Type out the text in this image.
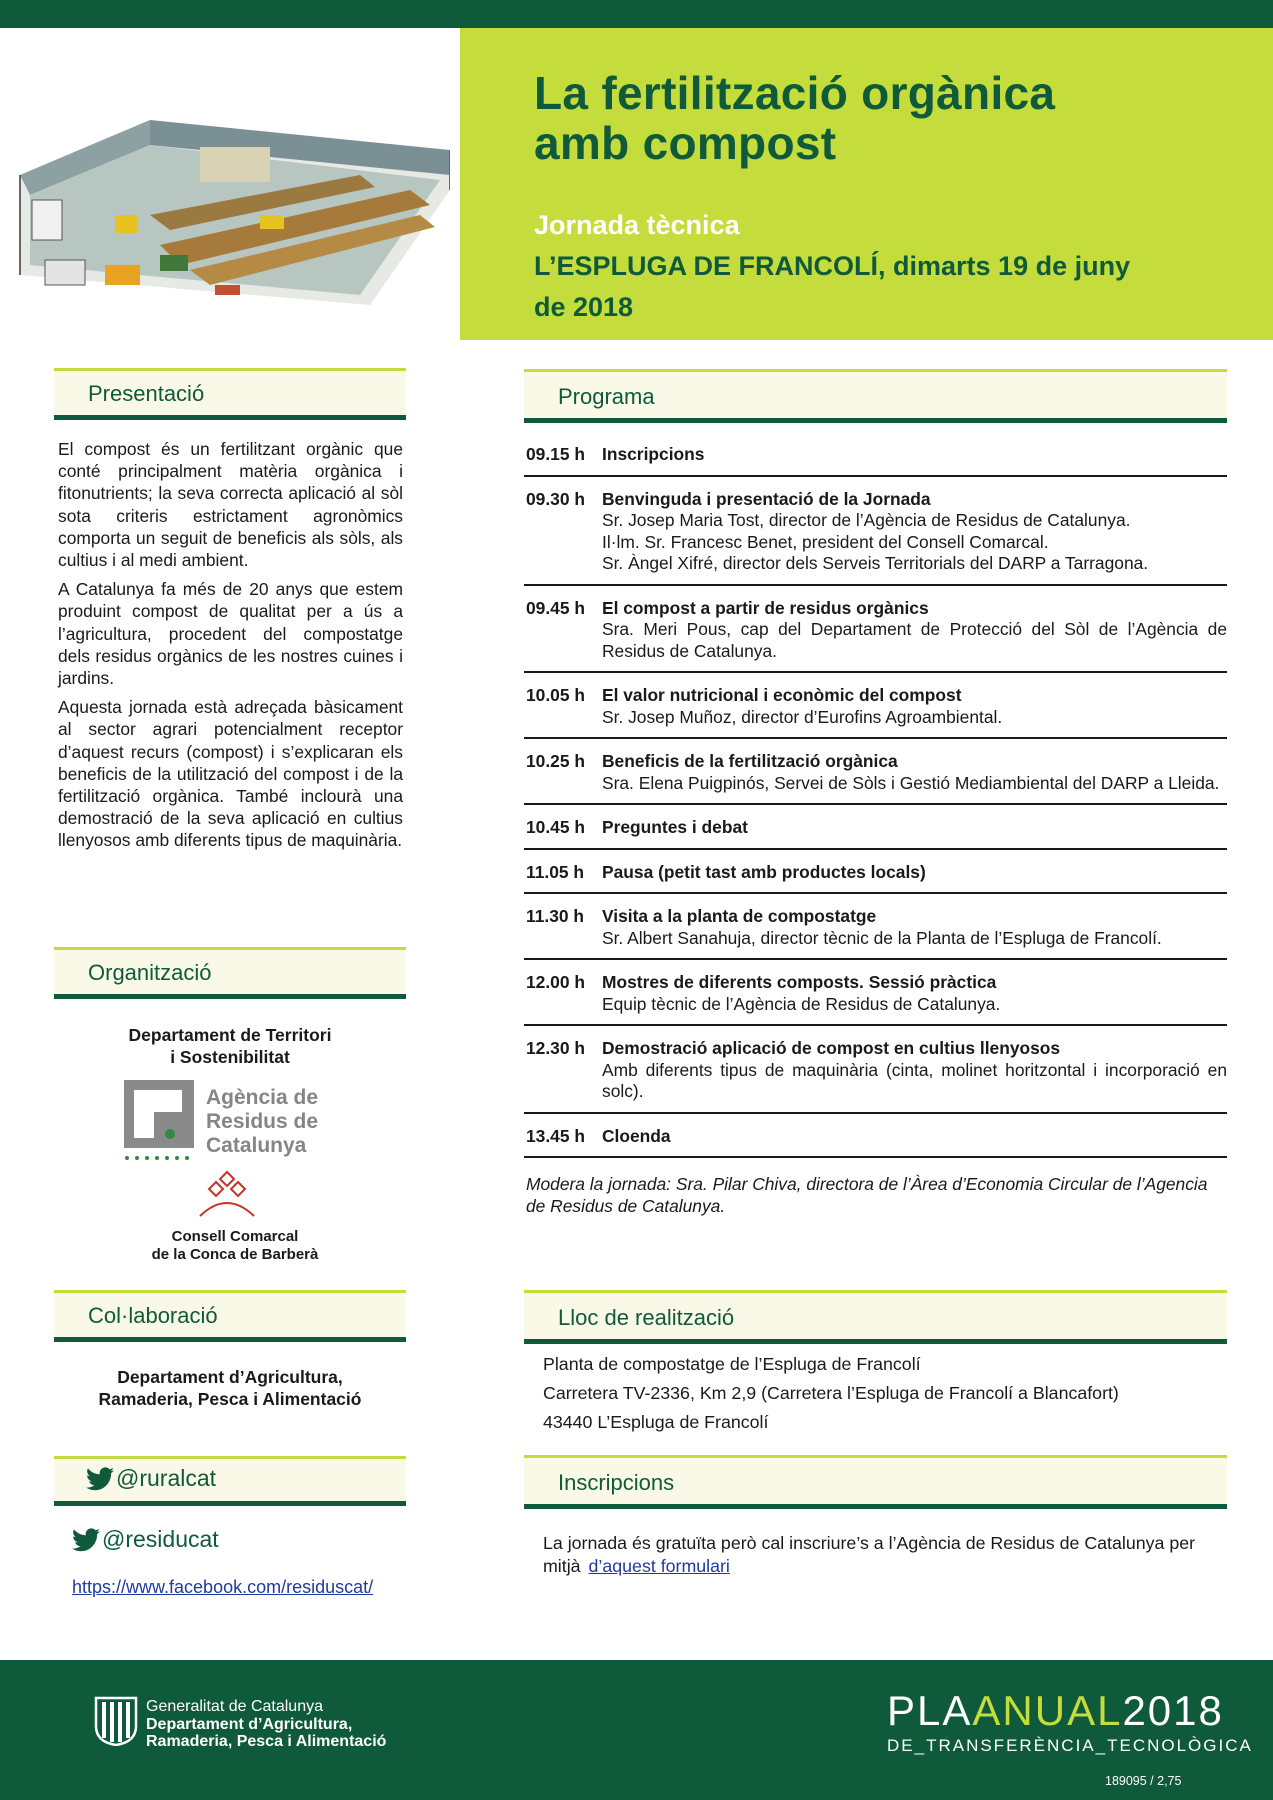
La fertilització orgànica
amb compost
Jornada tècnica
L’ESPLUGA DE FRANCOLÍ, dimarts 19 de juny
de 2018
Presentació

El compost és un fertilitzant orgànic que conté principalment matèria orgànica i fitonutrients; la seva correcta aplicació al sòl sota criteris estrictament agronòmics comporta un seguit de beneficis als sòls, als cultius i al medi ambient.

A Catalunya fa més de 20 anys que estem produint compost de qualitat per a ús a l’agricultura, procedent del compostatge dels residus orgànics de les nostres cuines i jardins.

Aquesta jornada està adreçada bàsicament al sector agrari potencialment receptor d’aquest recurs (compost) i s’explicaran els beneficis de la utilització del compost i de la fertilització orgànica. També inclourà una demostració de la seva aplicació en cultius llenyosos amb diferents tipus de maquinària.

Organització
Departament de Territori
i Sostenibilitat
Agència de
Residus de
Catalunya
Consell Comarcal
de la Conca de Barberà
Col·laboració
Departament d’Agricultura,
Ramaderia, Pesca i Alimentació
@ruralcat
@residucat
https://www.facebook.com/residuscat/
Programa
09.15 h Inscripcions
09.30 h Benvinguda i presentació de la Jornada
Sr. Josep Maria Tost, director de l’Agència de Residus de Catalunya.
Il·lm. Sr. Francesc Benet, president del Consell Comarcal.
Sr. Àngel Xifré, director dels Serveis Territorials del DARP a Tarragona.
09.45 h El compost a partir de residus orgànics
Sra. Meri Pous, cap del Departament de Protecció del Sòl de l’Agència de Residus de Catalunya.
10.05 h El valor nutricional i econòmic del compost
Sr. Josep Muñoz, director d’Eurofins Agroambiental.
10.25 h Beneficis de la fertilització orgànica
Sra. Elena Puigpinós, Servei de Sòls i Gestió Mediambiental del DARP a Lleida.
10.45 h Preguntes i debat
11.05 h	Pausa (petit tast amb productes locals)
11.30 h	Visita a la planta de compostatge
Sr. Albert Sanahuja, director tècnic de la Planta de l’Espluga de Francolí.
12.00 h Mostres de diferents composts. Sessió pràctica
Equip tècnic de l’Agència de Residus de Catalunya.
12.30 h Demostració aplicació de compost en cultius llenyosos
Amb diferents tipus de maquinària (cinta, molinet horitzontal i incorporació en solc).
13.45 h Cloenda
Modera la jornada: Sra. Pilar Chiva, directora de l’Àrea d’Economia Circular de l’Agencia de Residus de Catalunya.
Lloc de realització
Planta de compostatge de l’Espluga de Francolí
Carretera TV-2336, Km 2,9 (Carretera l’Espluga de Francolí a Blancafort)
43440 L’Espluga de Francolí
Inscripcions
La jornada és gratuïta però cal inscriure’s a l’Agència de Residus de Catalunya per mitjà d’aquest formulari
Generalitat de Catalunya
Departament d’Agricultura,
Ramaderia, Pesca i Alimentació
PLAANUAL2018
DE_TRANSFERÈNCIA_TECNOLÒGICA
189095 / 2,75
